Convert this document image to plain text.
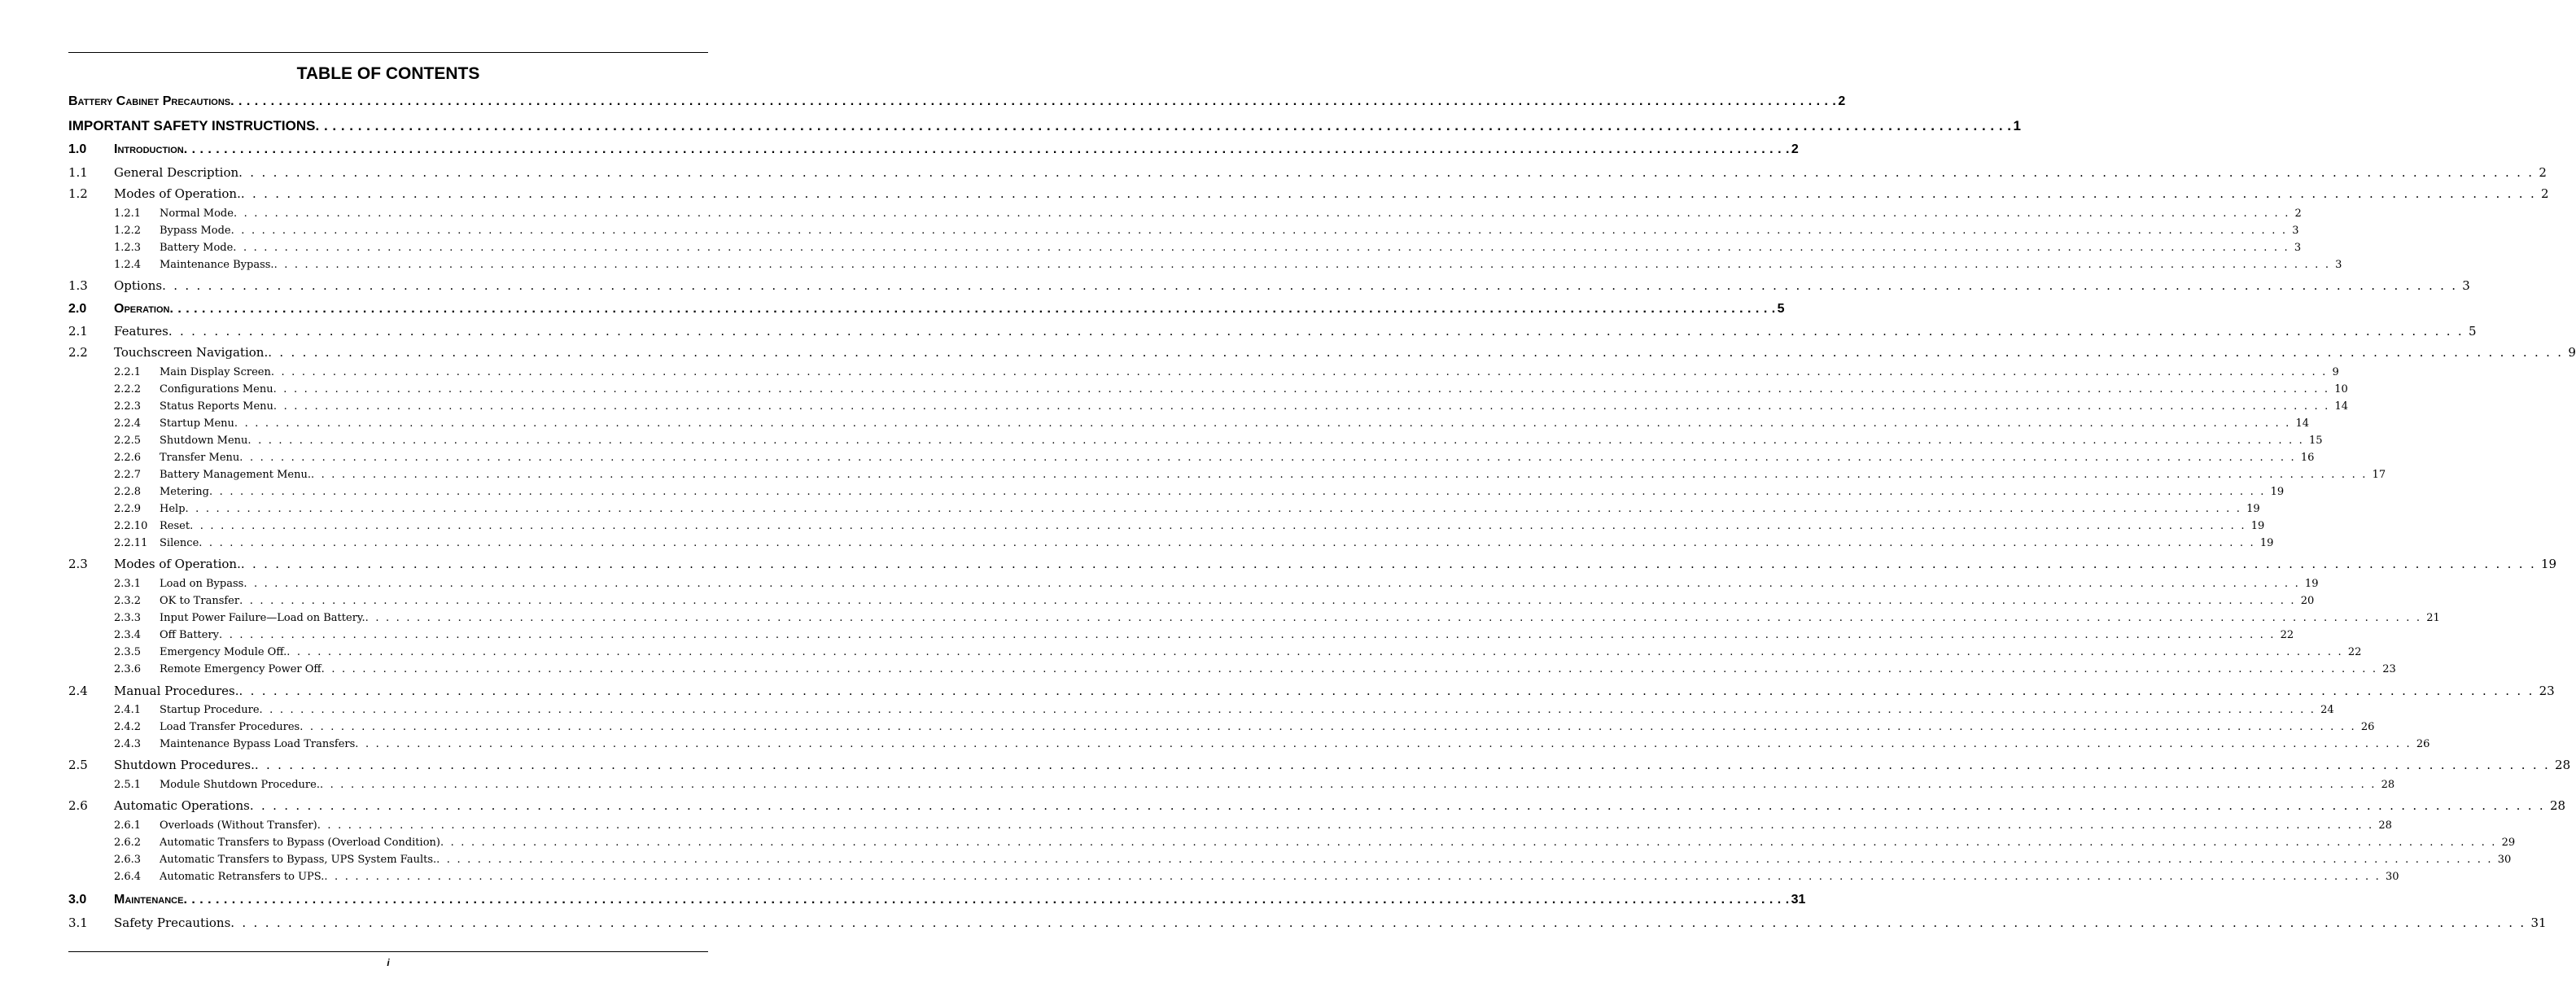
TABLE OF CONTENTS
Battery Cabinet Precautions . . . . . . . . . . . . . . . . . . . . . . . . . . . . . . . . . . . . . . . . . . . . . . . . . . . . . . . . . . . . . . . . . . . . . . . . . . . . . . . . . . . . . . . . . . . . . . . . . . . . . . . . . . . . . . . . . . . . . . . . . . . . . . . . . . . . . . . . . . . . . . . . . . . . . . . . . . . . . . . . . . . . . . . . . . . . . . . . . . . . . . . . . . . . . . . . . . . . . . . . 2
IMPORTANT SAFETY INSTRUCTIONS . . . . . . . . . . . . . . . . . . . . . . . . . . . . . . . . . . . . . . . . . . . . . . . . . . . . . . . . . . . . . . . . . . . . . . . . . . . . . . . . . . . . . . . . . . . . . . . . . . . . . . . . . . . . . . . . . . . . . . . . . . . . . . . . . . . . . . . . . . . . . . . . . . . . . . . . . . . . . . . . . . . . . . . . . . . . . . . . . . . . . . . . . . . . . . . . . . . . . . . . 1
1.0	Introduction . . . . . . . . . . . . . . . . . . . . . . . . . . . . . . . . . . . . . . . . . . . . . . . . . . . . . . . . . . . . . . . . . . . . . . . . . . . . . . . . . . . . . . . . . . . . . . . . . . . . . . . . . . . . . . . . . . . . . . . . . . . . . . . . . . . . . . . . . . . . . . . . . . . . . . . . . . . . . . . . . . . . . . . . . . . . . . . . . . . . . . . . . . . . . . . . . . . . . . . . 2
1.1	General Description . . . . . . . . . . . . . . . . . . . . . . . . . . . . . . . . . . . . . . . . . . . . . . . . . . . . . . . . . . . . . . . . . . . . . . . . . . . . . . . . . . . . . . . . . . . . . . . . . . . . . . . . . . . . . . . . . . . . . . . . . . . . . . . . . . . . . . . . . . . . . . . . . . . . . . . . . . . . . . . . . . . . . . . . . . . . . . . . . . . . . . . . . . . . . . . . . . . . . . . . 2
1.2	Modes of Operation. . . . . . . . . . . . . . . . . . . . . . . . . . . . . . . . . . . . . . . . . . . . . . . . . . . . . . . . . . . . . . . . . . . . . . . . . . . . . . . . . . . . . . . . . . . . . . . . . . . . . . . . . . . . . . . . . . . . . . . . . . . . . . . . . . . . . . . . . . . . . . . . . . . . . . . . . . . . . . . . . . . . . . . . . . . . . . . . . . . . . . . . . . . . . . . . . . . . . . . . . 2
1.2.1	Normal Mode . . . . . . . . . . . . . . . . . . . . . . . . . . . . . . . . . . . . . . . . . . . . . . . . . . . . . . . . . . . . . . . . . . . . . . . . . . . . . . . . . . . . . . . . . . . . . . . . . . . . . . . . . . . . . . . . . . . . . . . . . . . . . . . . . . . . . . . . . . . . . . . . . . . . . . . . . . . . . . . . . . . . . . . . . . . . . . . . . . . . . . . . . . . . . . . . . . . . . . . . 2
1.2.2	Bypass Mode . . . . . . . . . . . . . . . . . . . . . . . . . . . . . . . . . . . . . . . . . . . . . . . . . . . . . . . . . . . . . . . . . . . . . . . . . . . . . . . . . . . . . . . . . . . . . . . . . . . . . . . . . . . . . . . . . . . . . . . . . . . . . . . . . . . . . . . . . . . . . . . . . . . . . . . . . . . . . . . . . . . . . . . . . . . . . . . . . . . . . . . . . . . . . . . . . . . . . . . . 3
1.2.3	Battery Mode . . . . . . . . . . . . . . . . . . . . . . . . . . . . . . . . . . . . . . . . . . . . . . . . . . . . . . . . . . . . . . . . . . . . . . . . . . . . . . . . . . . . . . . . . . . . . . . . . . . . . . . . . . . . . . . . . . . . . . . . . . . . . . . . . . . . . . . . . . . . . . . . . . . . . . . . . . . . . . . . . . . . . . . . . . . . . . . . . . . . . . . . . . . . . . . . . . . . . . . . 3
1.2.4	Maintenance Bypass. . . . . . . . . . . . . . . . . . . . . . . . . . . . . . . . . . . . . . . . . . . . . . . . . . . . . . . . . . . . . . . . . . . . . . . . . . . . . . . . . . . . . . . . . . . . . . . . . . . . . . . . . . . . . . . . . . . . . . . . . . . . . . . . . . . . . . . . . . . . . . . . . . . . . . . . . . . . . . . . . . . . . . . . . . . . . . . . . . . . . . . . . . . . . . . . . . . . . . . . . 3
1.3	Options . . . . . . . . . . . . . . . . . . . . . . . . . . . . . . . . . . . . . . . . . . . . . . . . . . . . . . . . . . . . . . . . . . . . . . . . . . . . . . . . . . . . . . . . . . . . . . . . . . . . . . . . . . . . . . . . . . . . . . . . . . . . . . . . . . . . . . . . . . . . . . . . . . . . . . . . . . . . . . . . . . . . . . . . . . . . . . . . . . . . . . . . . . . . . . . . . . . . . . . . 3
2.0	Operation . . . . . . . . . . . . . . . . . . . . . . . . . . . . . . . . . . . . . . . . . . . . . . . . . . . . . . . . . . . . . . . . . . . . . . . . . . . . . . . . . . . . . . . . . . . . . . . . . . . . . . . . . . . . . . . . . . . . . . . . . . . . . . . . . . . . . . . . . . . . . . . . . . . . . . . . . . . . . . . . . . . . . . . . . . . . . . . . . . . . . . . . . . . . . . . . . . . . . . . . 5
2.1	Features . . . . . . . . . . . . . . . . . . . . . . . . . . . . . . . . . . . . . . . . . . . . . . . . . . . . . . . . . . . . . . . . . . . . . . . . . . . . . . . . . . . . . . . . . . . . . . . . . . . . . . . . . . . . . . . . . . . . . . . . . . . . . . . . . . . . . . . . . . . . . . . . . . . . . . . . . . . . . . . . . . . . . . . . . . . . . . . . . . . . . . . . . . . . . . . . . . . . . . . . 5
2.2	Touchscreen Navigation. . . . . . . . . . . . . . . . . . . . . . . . . . . . . . . . . . . . . . . . . . . . . . . . . . . . . . . . . . . . . . . . . . . . . . . . . . . . . . . . . . . . . . . . . . . . . . . . . . . . . . . . . . . . . . . . . . . . . . . . . . . . . . . . . . . . . . . . . . . . . . . . . . . . . . . . . . . . . . . . . . . . . . . . . . . . . . . . . . . . . . . . . . . . . . . . . . . . . . . . . 9
2.2.1	Main Display Screen . . . . . . . . . . . . . . . . . . . . . . . . . . . . . . . . . . . . . . . . . . . . . . . . . . . . . . . . . . . . . . . . . . . . . . . . . . . . . . . . . . . . . . . . . . . . . . . . . . . . . . . . . . . . . . . . . . . . . . . . . . . . . . . . . . . . . . . . . . . . . . . . . . . . . . . . . . . . . . . . . . . . . . . . . . . . . . . . . . . . . . . . . . . . . . . . . . . . . . . . 9
2.2.2	Configurations Menu . . . . . . . . . . . . . . . . . . . . . . . . . . . . . . . . . . . . . . . . . . . . . . . . . . . . . . . . . . . . . . . . . . . . . . . . . . . . . . . . . . . . . . . . . . . . . . . . . . . . . . . . . . . . . . . . . . . . . . . . . . . . . . . . . . . . . . . . . . . . . . . . . . . . . . . . . . . . . . . . . . . . . . . . . . . . . . . . . . . . . . . . . . . . . . . . . . . . . . . . 10
2.2.3	Status Reports Menu . . . . . . . . . . . . . . . . . . . . . . . . . . . . . . . . . . . . . . . . . . . . . . . . . . . . . . . . . . . . . . . . . . . . . . . . . . . . . . . . . . . . . . . . . . . . . . . . . . . . . . . . . . . . . . . . . . . . . . . . . . . . . . . . . . . . . . . . . . . . . . . . . . . . . . . . . . . . . . . . . . . . . . . . . . . . . . . . . . . . . . . . . . . . . . . . . . . . . . . . 14
2.2.4	Startup Menu . . . . . . . . . . . . . . . . . . . . . . . . . . . . . . . . . . . . . . . . . . . . . . . . . . . . . . . . . . . . . . . . . . . . . . . . . . . . . . . . . . . . . . . . . . . . . . . . . . . . . . . . . . . . . . . . . . . . . . . . . . . . . . . . . . . . . . . . . . . . . . . . . . . . . . . . . . . . . . . . . . . . . . . . . . . . . . . . . . . . . . . . . . . . . . . . . . . . . . . . 14
2.2.5	Shutdown Menu . . . . . . . . . . . . . . . . . . . . . . . . . . . . . . . . . . . . . . . . . . . . . . . . . . . . . . . . . . . . . . . . . . . . . . . . . . . . . . . . . . . . . . . . . . . . . . . . . . . . . . . . . . . . . . . . . . . . . . . . . . . . . . . . . . . . . . . . . . . . . . . . . . . . . . . . . . . . . . . . . . . . . . . . . . . . . . . . . . . . . . . . . . . . . . . . . . . . . . . . 15
2.2.6	Transfer Menu . . . . . . . . . . . . . . . . . . . . . . . . . . . . . . . . . . . . . . . . . . . . . . . . . . . . . . . . . . . . . . . . . . . . . . . . . . . . . . . . . . . . . . . . . . . . . . . . . . . . . . . . . . . . . . . . . . . . . . . . . . . . . . . . . . . . . . . . . . . . . . . . . . . . . . . . . . . . . . . . . . . . . . . . . . . . . . . . . . . . . . . . . . . . . . . . . . . . . . . . 16
2.2.7	Battery Management Menu. . . . . . . . . . . . . . . . . . . . . . . . . . . . . . . . . . . . . . . . . . . . . . . . . . . . . . . . . . . . . . . . . . . . . . . . . . . . . . . . . . . . . . . . . . . . . . . . . . . . . . . . . . . . . . . . . . . . . . . . . . . . . . . . . . . . . . . . . . . . . . . . . . . . . . . . . . . . . . . . . . . . . . . . . . . . . . . . . . . . . . . . . . . . . . . . . . . . . . . . . 17
2.2.8	Metering . . . . . . . . . . . . . . . . . . . . . . . . . . . . . . . . . . . . . . . . . . . . . . . . . . . . . . . . . . . . . . . . . . . . . . . . . . . . . . . . . . . . . . . . . . . . . . . . . . . . . . . . . . . . . . . . . . . . . . . . . . . . . . . . . . . . . . . . . . . . . . . . . . . . . . . . . . . . . . . . . . . . . . . . . . . . . . . . . . . . . . . . . . . . . . . . . . . . . . . . 19
2.2.9	Help . . . . . . . . . . . . . . . . . . . . . . . . . . . . . . . . . . . . . . . . . . . . . . . . . . . . . . . . . . . . . . . . . . . . . . . . . . . . . . . . . . . . . . . . . . . . . . . . . . . . . . . . . . . . . . . . . . . . . . . . . . . . . . . . . . . . . . . . . . . . . . . . . . . . . . . . . . . . . . . . . . . . . . . . . . . . . . . . . . . . . . . . . . . . . . . . . . . . . . . . 19
2.2.10	Reset . . . . . . . . . . . . . . . . . . . . . . . . . . . . . . . . . . . . . . . . . . . . . . . . . . . . . . . . . . . . . . . . . . . . . . . . . . . . . . . . . . . . . . . . . . . . . . . . . . . . . . . . . . . . . . . . . . . . . . . . . . . . . . . . . . . . . . . . . . . . . . . . . . . . . . . . . . . . . . . . . . . . . . . . . . . . . . . . . . . . . . . . . . . . . . . . . . . . . . . . 19
2.2.11	Silence . . . . . . . . . . . . . . . . . . . . . . . . . . . . . . . . . . . . . . . . . . . . . . . . . . . . . . . . . . . . . . . . . . . . . . . . . . . . . . . . . . . . . . . . . . . . . . . . . . . . . . . . . . . . . . . . . . . . . . . . . . . . . . . . . . . . . . . . . . . . . . . . . . . . . . . . . . . . . . . . . . . . . . . . . . . . . . . . . . . . . . . . . . . . . . . . . . . . . . . . 19
2.3	Modes of Operation. . . . . . . . . . . . . . . . . . . . . . . . . . . . . . . . . . . . . . . . . . . . . . . . . . . . . . . . . . . . . . . . . . . . . . . . . . . . . . . . . . . . . . . . . . . . . . . . . . . . . . . . . . . . . . . . . . . . . . . . . . . . . . . . . . . . . . . . . . . . . . . . . . . . . . . . . . . . . . . . . . . . . . . . . . . . . . . . . . . . . . . . . . . . . . . . . . . . . . . . . 19
2.3.1	Load on Bypass . . . . . . . . . . . . . . . . . . . . . . . . . . . . . . . . . . . . . . . . . . . . . . . . . . . . . . . . . . . . . . . . . . . . . . . . . . . . . . . . . . . . . . . . . . . . . . . . . . . . . . . . . . . . . . . . . . . . . . . . . . . . . . . . . . . . . . . . . . . . . . . . . . . . . . . . . . . . . . . . . . . . . . . . . . . . . . . . . . . . . . . . . . . . . . . . . . . . . . . . 19
2.3.2	OK to Transfer . . . . . . . . . . . . . . . . . . . . . . . . . . . . . . . . . . . . . . . . . . . . . . . . . . . . . . . . . . . . . . . . . . . . . . . . . . . . . . . . . . . . . . . . . . . . . . . . . . . . . . . . . . . . . . . . . . . . . . . . . . . . . . . . . . . . . . . . . . . . . . . . . . . . . . . . . . . . . . . . . . . . . . . . . . . . . . . . . . . . . . . . . . . . . . . . . . . . . . . . 20
2.3.3	Input Power Failure—Load on Battery. . . . . . . . . . . . . . . . . . . . . . . . . . . . . . . . . . . . . . . . . . . . . . . . . . . . . . . . . . . . . . . . . . . . . . . . . . . . . . . . . . . . . . . . . . . . . . . . . . . . . . . . . . . . . . . . . . . . . . . . . . . . . . . . . . . . . . . . . . . . . . . . . . . . . . . . . . . . . . . . . . . . . . . . . . . . . . . . . . . . . . . . . . . . . . . . . . . . . . . . . 21
2.3.4	Off Battery . . . . . . . . . . . . . . . . . . . . . . . . . . . . . . . . . . . . . . . . . . . . . . . . . . . . . . . . . . . . . . . . . . . . . . . . . . . . . . . . . . . . . . . . . . . . . . . . . . . . . . . . . . . . . . . . . . . . . . . . . . . . . . . . . . . . . . . . . . . . . . . . . . . . . . . . . . . . . . . . . . . . . . . . . . . . . . . . . . . . . . . . . . . . . . . . . . . . . . . . 22
2.3.5	Emergency Module Off. . . . . . . . . . . . . . . . . . . . . . . . . . . . . . . . . . . . . . . . . . . . . . . . . . . . . . . . . . . . . . . . . . . . . . . . . . . . . . . . . . . . . . . . . . . . . . . . . . . . . . . . . . . . . . . . . . . . . . . . . . . . . . . . . . . . . . . . . . . . . . . . . . . . . . . . . . . . . . . . . . . . . . . . . . . . . . . . . . . . . . . . . . . . . . . . . . . . . . . . . 22
2.3.6	Remote Emergency Power Off . . . . . . . . . . . . . . . . . . . . . . . . . . . . . . . . . . . . . . . . . . . . . . . . . . . . . . . . . . . . . . . . . . . . . . . . . . . . . . . . . . . . . . . . . . . . . . . . . . . . . . . . . . . . . . . . . . . . . . . . . . . . . . . . . . . . . . . . . . . . . . . . . . . . . . . . . . . . . . . . . . . . . . . . . . . . . . . . . . . . . . . . . . . . . . . . . . . . . . . . 23
2.4	Manual Procedures. . . . . . . . . . . . . . . . . . . . . . . . . . . . . . . . . . . . . . . . . . . . . . . . . . . . . . . . . . . . . . . . . . . . . . . . . . . . . . . . . . . . . . . . . . . . . . . . . . . . . . . . . . . . . . . . . . . . . . . . . . . . . . . . . . . . . . . . . . . . . . . . . . . . . . . . . . . . . . . . . . . . . . . . . . . . . . . . . . . . . . . . . . . . . . . . . . . . . . . . . 23
2.4.1	Startup Procedure . . . . . . . . . . . . . . . . . . . . . . . . . . . . . . . . . . . . . . . . . . . . . . . . . . . . . . . . . . . . . . . . . . . . . . . . . . . . . . . . . . . . . . . . . . . . . . . . . . . . . . . . . . . . . . . . . . . . . . . . . . . . . . . . . . . . . . . . . . . . . . . . . . . . . . . . . . . . . . . . . . . . . . . . . . . . . . . . . . . . . . . . . . . . . . . . . . . . . . . . 24
2.4.2	Load Transfer Procedures . . . . . . . . . . . . . . . . . . . . . . . . . . . . . . . . . . . . . . . . . . . . . . . . . . . . . . . . . . . . . . . . . . . . . . . . . . . . . . . . . . . . . . . . . . . . . . . . . . . . . . . . . . . . . . . . . . . . . . . . . . . . . . . . . . . . . . . . . . . . . . . . . . . . . . . . . . . . . . . . . . . . . . . . . . . . . . . . . . . . . . . . . . . . . . . . . . . . . . . . 26
2.4.3	Maintenance Bypass Load Transfers . . . . . . . . . . . . . . . . . . . . . . . . . . . . . . . . . . . . . . . . . . . . . . . . . . . . . . . . . . . . . . . . . . . . . . . . . . . . . . . . . . . . . . . . . . . . . . . . . . . . . . . . . . . . . . . . . . . . . . . . . . . . . . . . . . . . . . . . . . . . . . . . . . . . . . . . . . . . . . . . . . . . . . . . . . . . . . . . . . . . . . . . . . . . . . . . . . . . . . . . 26
2.5	Shutdown Procedures. . . . . . . . . . . . . . . . . . . . . . . . . . . . . . . . . . . . . . . . . . . . . . . . . . . . . . . . . . . . . . . . . . . . . . . . . . . . . . . . . . . . . . . . . . . . . . . . . . . . . . . . . . . . . . . . . . . . . . . . . . . . . . . . . . . . . . . . . . . . . . . . . . . . . . . . . . . . . . . . . . . . . . . . . . . . . . . . . . . . . . . . . . . . . . . . . . . . . . . . . 28
2.5.1	Module Shutdown Procedure. . . . . . . . . . . . . . . . . . . . . . . . . . . . . . . . . . . . . . . . . . . . . . . . . . . . . . . . . . . . . . . . . . . . . . . . . . . . . . . . . . . . . . . . . . . . . . . . . . . . . . . . . . . . . . . . . . . . . . . . . . . . . . . . . . . . . . . . . . . . . . . . . . . . . . . . . . . . . . . . . . . . . . . . . . . . . . . . . . . . . . . . . . . . . . . . . . . . . . . . . 28
2.6	Automatic Operations . . . . . . . . . . . . . . . . . . . . . . . . . . . . . . . . . . . . . . . . . . . . . . . . . . . . . . . . . . . . . . . . . . . . . . . . . . . . . . . . . . . . . . . . . . . . . . . . . . . . . . . . . . . . . . . . . . . . . . . . . . . . . . . . . . . . . . . . . . . . . . . . . . . . . . . . . . . . . . . . . . . . . . . . . . . . . . . . . . . . . . . . . . . . . . . . . . . . . . . . 28
2.6.1	Overloads (Without Transfer) . . . . . . . . . . . . . . . . . . . . . . . . . . . . . . . . . . . . . . . . . . . . . . . . . . . . . . . . . . . . . . . . . . . . . . . . . . . . . . . . . . . . . . . . . . . . . . . . . . . . . . . . . . . . . . . . . . . . . . . . . . . . . . . . . . . . . . . . . . . . . . . . . . . . . . . . . . . . . . . . . . . . . . . . . . . . . . . . . . . . . . . . . . . . . . . . . . . . . . . . 28
2.6.2	Automatic Transfers to Bypass (Overload Condition) . . . . . . . . . . . . . . . . . . . . . . . . . . . . . . . . . . . . . . . . . . . . . . . . . . . . . . . . . . . . . . . . . . . . . . . . . . . . . . . . . . . . . . . . . . . . . . . . . . . . . . . . . . . . . . . . . . . . . . . . . . . . . . . . . . . . . . . . . . . . . . . . . . . . . . . . . . . . . . . . . . . . . . . . . . . . . . . . . . . . . . . . . . . . . . . . . . . . . . . . 29
2.6.3	Automatic Transfers to Bypass, UPS System Faults. . . . . . . . . . . . . . . . . . . . . . . . . . . . . . . . . . . . . . . . . . . . . . . . . . . . . . . . . . . . . . . . . . . . . . . . . . . . . . . . . . . . . . . . . . . . . . . . . . . . . . . . . . . . . . . . . . . . . . . . . . . . . . . . . . . . . . . . . . . . . . . . . . . . . . . . . . . . . . . . . . . . . . . . . . . . . . . . . . . . . . . . . . . . . . . . . . . . . . . . . 30
2.6.4	Automatic Retransfers to UPS. . . . . . . . . . . . . . . . . . . . . . . . . . . . . . . . . . . . . . . . . . . . . . . . . . . . . . . . . . . . . . . . . . . . . . . . . . . . . . . . . . . . . . . . . . . . . . . . . . . . . . . . . . . . . . . . . . . . . . . . . . . . . . . . . . . . . . . . . . . . . . . . . . . . . . . . . . . . . . . . . . . . . . . . . . . . . . . . . . . . . . . . . . . . . . . . . . . . . . . . . 30
3.0	Maintenance . . . . . . . . . . . . . . . . . . . . . . . . . . . . . . . . . . . . . . . . . . . . . . . . . . . . . . . . . . . . . . . . . . . . . . . . . . . . . . . . . . . . . . . . . . . . . . . . . . . . . . . . . . . . . . . . . . . . . . . . . . . . . . . . . . . . . . . . . . . . . . . . . . . . . . . . . . . . . . . . . . . . . . . . . . . . . . . . . . . . . . . . . . . . . . . . . . . . . . . . 31
3.1	Safety Precautions . . . . . . . . . . . . . . . . . . . . . . . . . . . . . . . . . . . . . . . . . . . . . . . . . . . . . . . . . . . . . . . . . . . . . . . . . . . . . . . . . . . . . . . . . . . . . . . . . . . . . . . . . . . . . . . . . . . . . . . . . . . . . . . . . . . . . . . . . . . . . . . . . . . . . . . . . . . . . . . . . . . . . . . . . . . . . . . . . . . . . . . . . . . . . . . . . . . . . . . . 31
i
